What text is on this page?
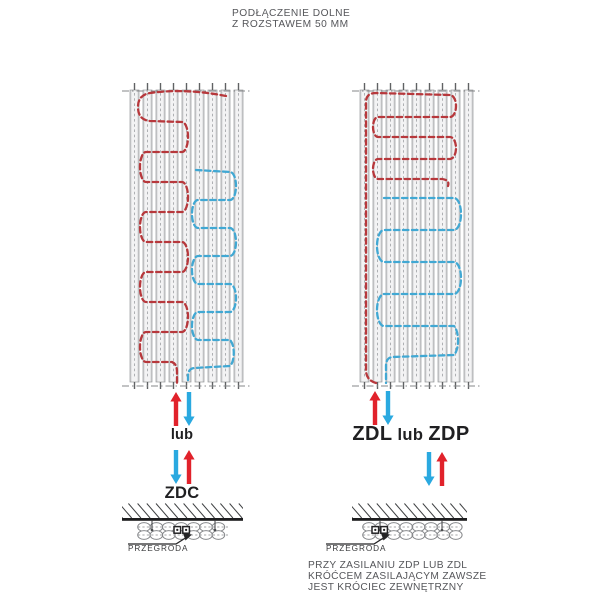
PODŁĄCZENIE DOLNE
Z ROZSTAWEM 50 MM
lub
ZDC
ZDL lub ZDP
PRZEGRODA	PRZEGRODA
PRZY ZASILANIU ZDP LUB ZDL
KRÓĆCEM ZASILAJĄCYM ZAWSZE
JEST KRÓCIEC ZEWNĘTRZNY
